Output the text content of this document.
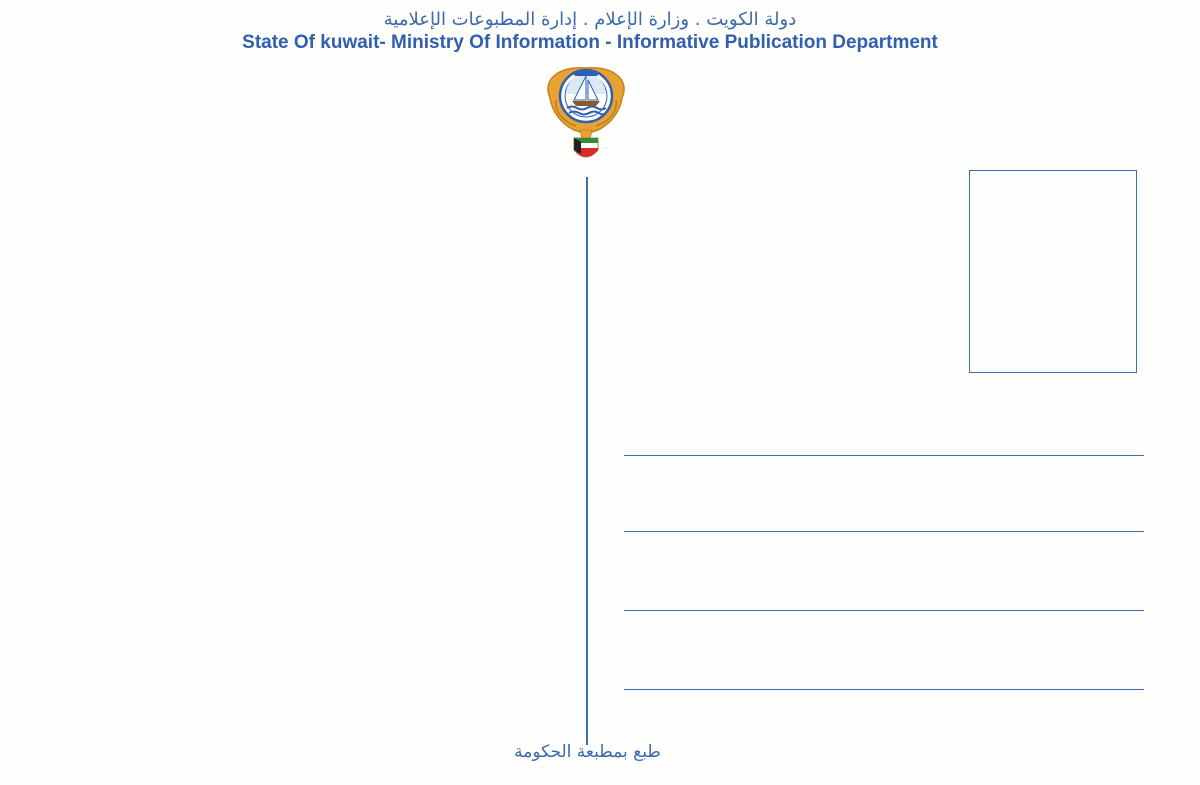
دولة الكويت . وزارة الإعلام . إدارة المطبوعات الإعلامية
State Of kuwait- Ministry Of Information - Informative Publication Department
طبع بمطبعة الحكومة
